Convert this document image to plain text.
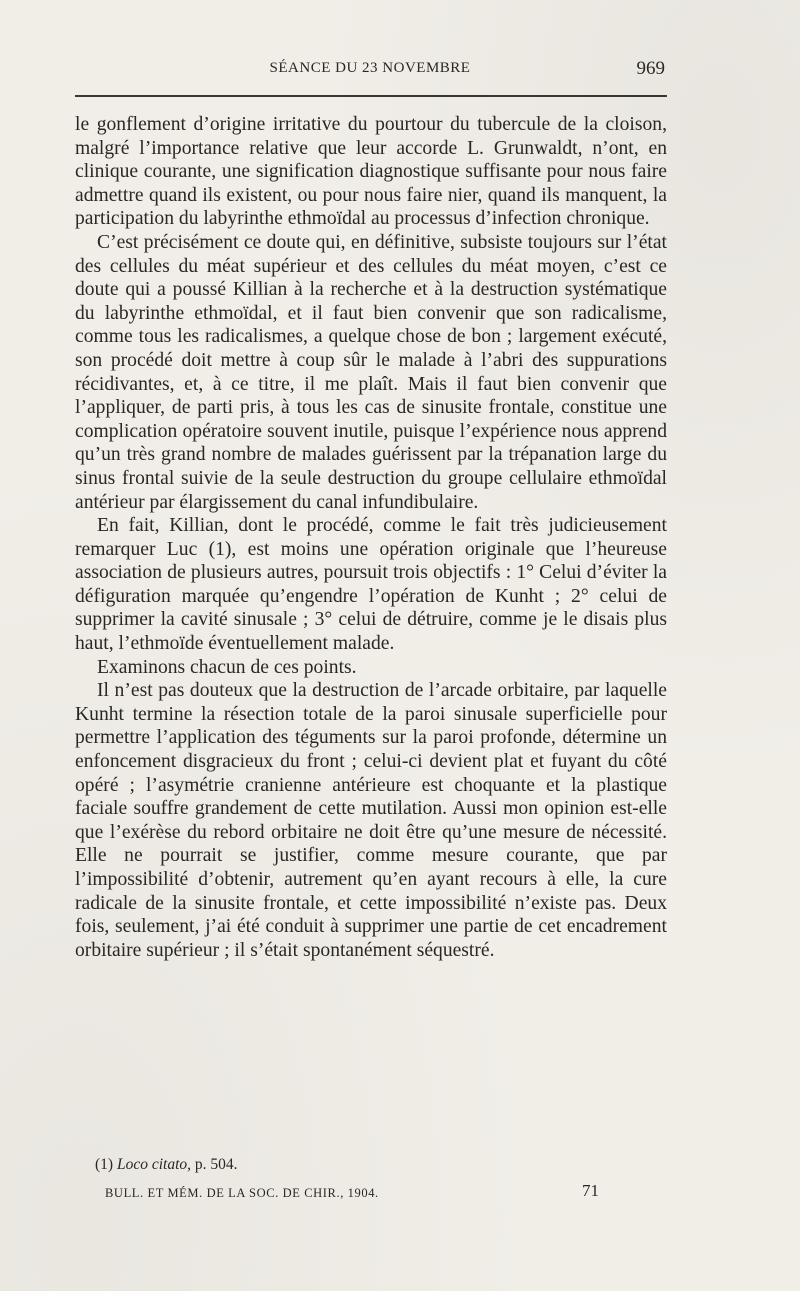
SÉANCE DU 23 NOVEMBRE	969

le gonflement d’origine irritative du pourtour du tubercule de la cloison, malgré l’importance relative que leur accorde L. Grunwaldt, n’ont, en clinique courante, une signification diagnostique suffisante pour nous faire admettre quand ils existent, ou pour nous faire nier, quand ils manquent, la participation du labyrinthe ethmoïdal au processus d’infection chronique.

C’est précisément ce doute qui, en définitive, subsiste toujours sur l’état des cellules du méat supérieur et des cellules du méat moyen, c’est ce doute qui a poussé Killian à la recherche et à la destruction systématique du labyrinthe ethmoïdal, et il faut bien convenir que son radicalisme, comme tous les radicalismes, a quelque chose de bon ; largement exécuté, son procédé doit mettre à coup sûr le malade à l’abri des suppurations récidivantes, et, à ce titre, il me plaît. Mais il faut bien convenir que l’appliquer, de parti pris, à tous les cas de sinusite frontale, constitue une complication opératoire souvent inutile, puisque l’expérience nous apprend qu’un très grand nombre de malades guérissent par la trépanation large du sinus frontal suivie de la seule destruction du groupe cellulaire ethmoïdal antérieur par élargissement du canal infundibulaire.

En fait, Killian, dont le procédé, comme le fait très judicieusement remarquer Luc (1), est moins une opération originale que l’heureuse association de plusieurs autres, poursuit trois objectifs : 1° Celui d’éviter la défiguration marquée qu’engendre l’opération de Kunht ; 2° celui de supprimer la cavité sinusale ; 3° celui de détruire, comme je le disais plus haut, l’ethmoïde éventuellement malade.

Examinons chacun de ces points.

Il n’est pas douteux que la destruction de l’arcade orbitaire, par laquelle Kunht termine la résection totale de la paroi sinusale superficielle pour permettre l’application des téguments sur la paroi profonde, détermine un enfoncement disgracieux du front ; celui-ci devient plat et fuyant du côté opéré ; l’asymétrie cranienne antérieure est choquante et la plastique faciale souffre grandement de cette mutilation. Aussi mon opinion est-elle que l’exérèse du rebord orbitaire ne doit être qu’une mesure de nécessité. Elle ne pourrait se justifier, comme mesure courante, que par l’impossibilité d’obtenir, autrement qu’en ayant recours à elle, la cure radicale de la sinusite frontale, et cette impossibilité n’existe pas. Deux fois, seulement, j’ai été conduit à supprimer une partie de cet encadrement orbitaire supérieur ; il s’était spontanément séquestré.

(1) Loco citato, p. 504.
BULL. ET MÉM. DE LA SOC. DE CHIR., 1904.	71
